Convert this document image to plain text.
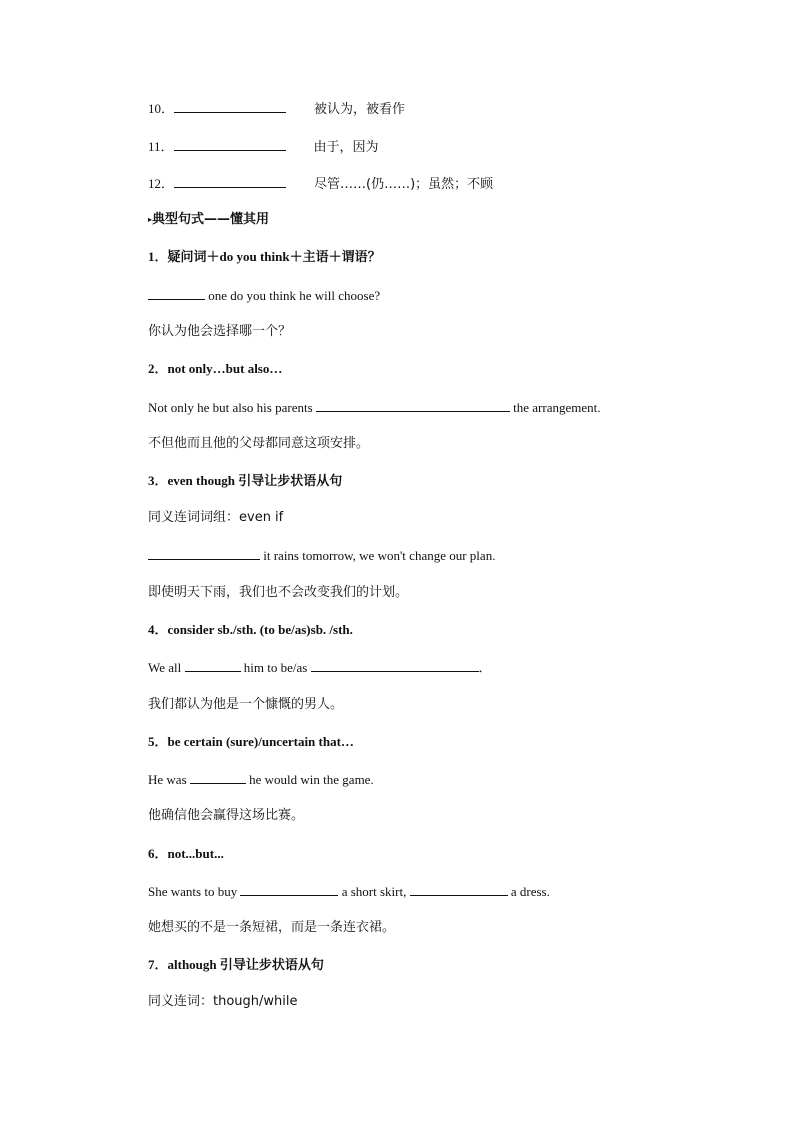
10．	被认为，被看作
11．	由于，因为
12．	尽管……(仍……)；虽然；不顾
▸典型句式——懂其用
1．疑问词＋do you think＋主语＋谓语？
one do you think he will choose?
你认为他会选择哪一个？
2．not only…but also…
Not only he but also his parents	the arrangement.
不但他而且他的父母都同意这项安排。
3．even though 引导让步状语从句
同义连词词组：even if
it rains tomorrow, we won't change our plan.
即使明天下雨，我们也不会改变我们的计划。
4．consider sb./sth. (to be/as)sb. /sth.
We all	him to be/as	．
我们都认为他是一个慷慨的男人。
5．be certain (sure)/uncertain that…
He was	he would win the game.
他确信他会赢得这场比赛。
6．not...but...
She wants to buy	a short skirt,	a dress.
她想买的不是一条短裙，而是一条连衣裙。
7．although 引导让步状语从句
同义连词：though/while
